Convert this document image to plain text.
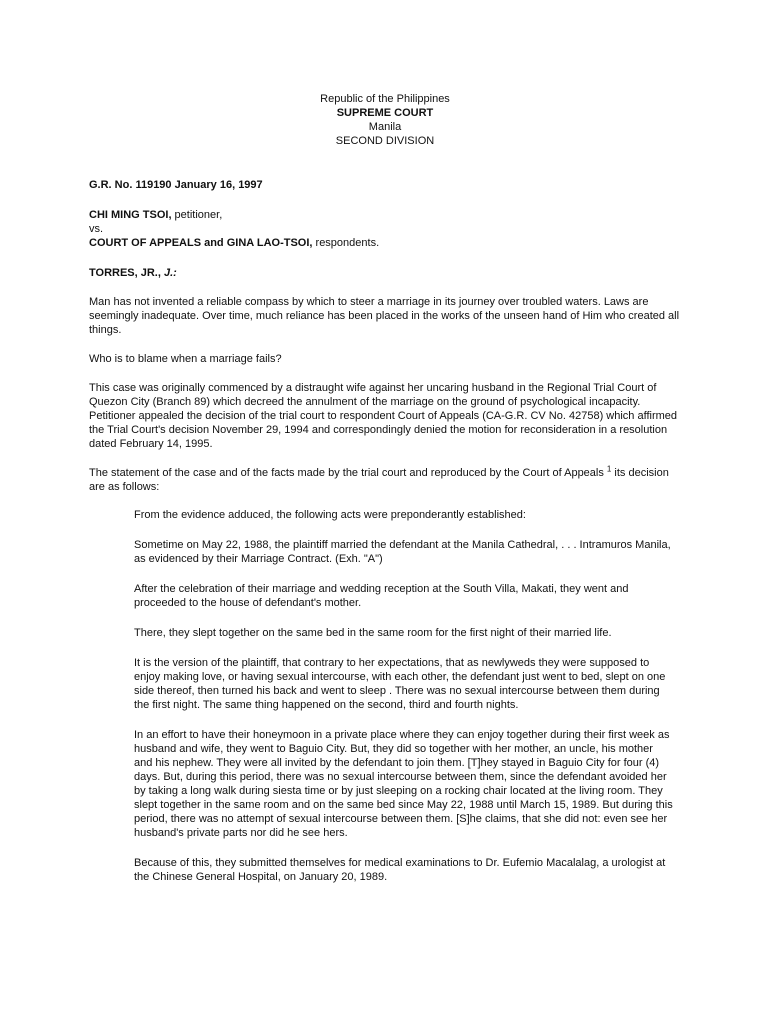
Republic of the Philippines
SUPREME COURT
Manila
SECOND DIVISION
G.R. No. 119190 January 16, 1997
CHI MING TSOI, petitioner,
vs.
COURT OF APPEALS and GINA LAO-TSOI, respondents.
TORRES, JR., J.:

Man has not invented a reliable compass by which to steer a marriage in its journey over troubled waters. Laws are seemingly inadequate. Over time, much reliance has been placed in the works of the unseen hand of Him who created all things.

Who is to blame when a marriage fails?

This case was originally commenced by a distraught wife against her uncaring husband in the Regional Trial Court of Quezon City (Branch 89) which decreed the annulment of the marriage on the ground of psychological incapacity. Petitioner appealed the decision of the trial court to respondent Court of Appeals (CA-G.R. CV No. 42758) which affirmed the Trial Court's decision November 29, 1994 and correspondingly denied the motion for reconsideration in a resolution dated February 14, 1995.

The statement of the case and of the facts made by the trial court and reproduced by the Court of Appeals $^1$ its decision are as follows:

From the evidence adduced, the following acts were preponderantly established:

Sometime on May 22, 1988, the plaintiff married the defendant at the Manila Cathedral, . . . Intramuros Manila, as evidenced by their Marriage Contract. (Exh. "A")

After the celebration of their marriage and wedding reception at the South Villa, Makati, they went and proceeded to the house of defendant's mother.

There, they slept together on the same bed in the same room for the first night of their married life.

It is the version of the plaintiff, that contrary to her expectations, that as newlyweds they were supposed to enjoy making love, or having sexual intercourse, with each other, the defendant just went to bed, slept on one side thereof, then turned his back and went to sleep . There was no sexual intercourse between them during the first night. The same thing happened on the second, third and fourth nights.

In an effort to have their honeymoon in a private place where they can enjoy together during their first week as husband and wife, they went to Baguio City. But, they did so together with her mother, an uncle, his mother and his nephew. They were all invited by the defendant to join them. [T]hey stayed in Baguio City for four (4) days. But, during this period, there was no sexual intercourse between them, since the defendant avoided her by taking a long walk during siesta time or by just sleeping on a rocking chair located at the living room. They slept together in the same room and on the same bed since May 22, 1988 until March 15, 1989. But during this period, there was no attempt of sexual intercourse between them. [S]he claims, that she did not: even see her husband's private parts nor did he see hers.

Because of this, they submitted themselves for medical examinations to Dr. Eufemio Macalalag, a urologist at the Chinese General Hospital, on January 20, 1989.
